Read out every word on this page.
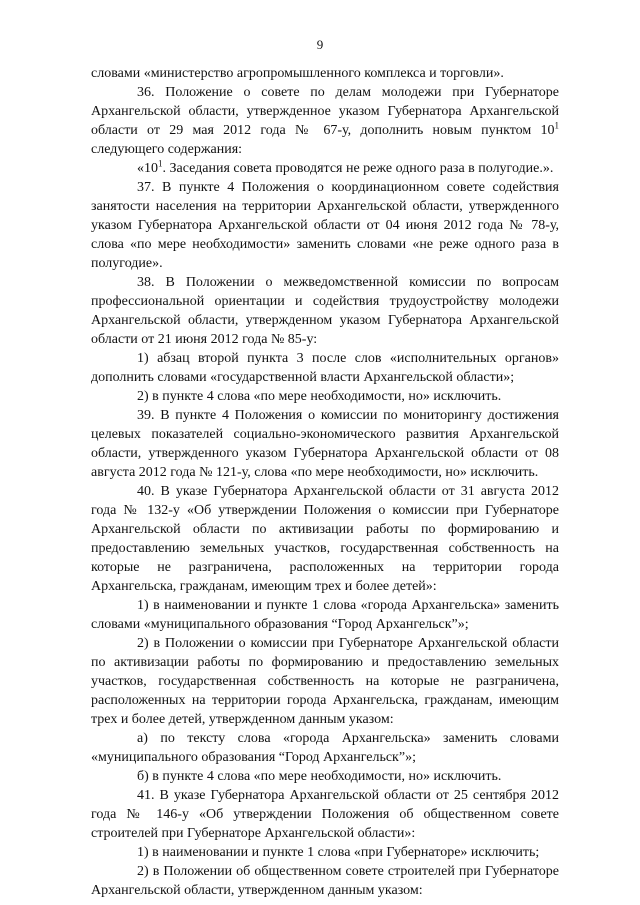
9

словами «министерство агропромышленного комплекса и торговли».

36. Положение о совете по делам молодежи при Губернаторе Архангельской области, утвержденное указом Губернатора Архангельской области от 29 мая 2012 года № 67-у, дополнить новым пунктом $10^1$ следующего содержания:

«$10^1$. Заседания совета проводятся не реже одного раза в полугодие.».

37. В пункте 4 Положения о координационном совете содействия занятости населения на территории Архангельской области, утвержденного указом Губернатора Архангельской области от 04 июня 2012 года № 78-у, слова «по мере необходимости» заменить словами «не реже одного раза в полугодие».

38. В Положении о межведомственной комиссии по вопросам профессиональной ориентации и содействия трудоустройству молодежи Архангельской области, утвержденном указом Губернатора Архангельской области от 21 июня 2012 года № 85-у:

1) абзац второй пункта 3 после слов «исполнительных органов» дополнить словами «государственной власти Архангельской области»;

2) в пункте 4 слова «по мере необходимости, но» исключить.

39. В пункте 4 Положения о комиссии по мониторингу достижения целевых показателей социально-экономического развития Архангельской области, утвержденного указом Губернатора Архангельской области от 08 августа 2012 года № 121-у, слова «по мере необходимости, но» исключить.

40. В указе Губернатора Архангельской области от 31 августа 2012 года № 132-у «Об утверждении Положения о комиссии при Губернаторе Архангельской области по активизации работы по формированию и предоставлению земельных участков, государственная собственность на которые не разграничена, расположенных на территории города Архангельска, гражданам, имеющим трех и более детей»:

1) в наименовании и пункте 1 слова «города Архангельска» заменить словами «муниципального образования “Город Архангельск”»;

2) в Положении о комиссии при Губернаторе Архангельской области по активизации работы по формированию и предоставлению земельных участков, государственная собственность на которые не разграничена, расположенных на территории города Архангельска, гражданам, имеющим трех и более детей, утвержденном данным указом:

а) по тексту слова «города Архангельска» заменить словами «муниципального образования “Город Архангельск”»;

б) в пункте 4 слова «по мере необходимости, но» исключить.

41. В указе Губернатора Архангельской области от 25 сентября 2012 года № 146-у «Об утверждении Положения об общественном совете строителей при Губернаторе Архангельской области»:

1) в наименовании и пункте 1 слова «при Губернаторе» исключить;

2) в Положении об общественном совете строителей при Губернаторе Архангельской области, утвержденном данным указом:
